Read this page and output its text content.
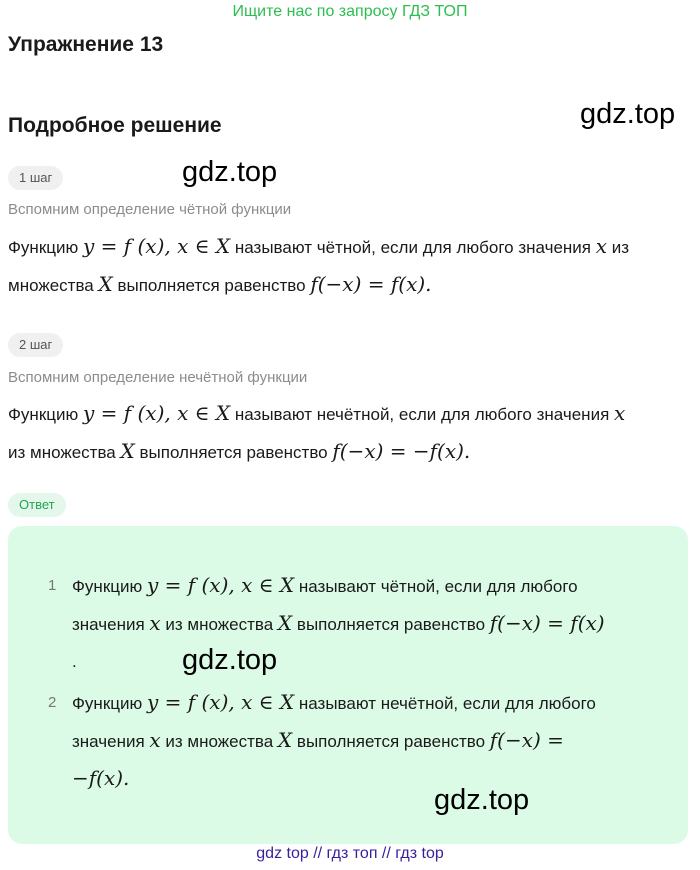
Ищите нас по запросу ГДЗ ТОП
Упражнение 13
Подробное решение	gdz.top
gdz.top
1 шаг
Вспомним определение чётной функции
Функцию y = f (x), x ∈ X называют чётной, если для любого значения x из
множества X выполняется равенство f(−x) = f(x).
2 шаг
Вспомним определение нечётной функции
Функцию y = f (x), x ∈ X называют нечётной, если для любого значения x
из множества X выполняется равенство f(−x) = −f(x).
Ответ
1 Функцию y = f (x), x ∈ X называют чётной, если для любого
значения x из множества X выполняется равенство f(−x) = f(x)
.	gdz.top
2 Функцию y = f (x), x ∈ X называют нечётной, если для любого
значения x из множества X выполняется равенство f(−x) =
−f(x).
gdz.top
gdz top // гдз топ // гдз top
